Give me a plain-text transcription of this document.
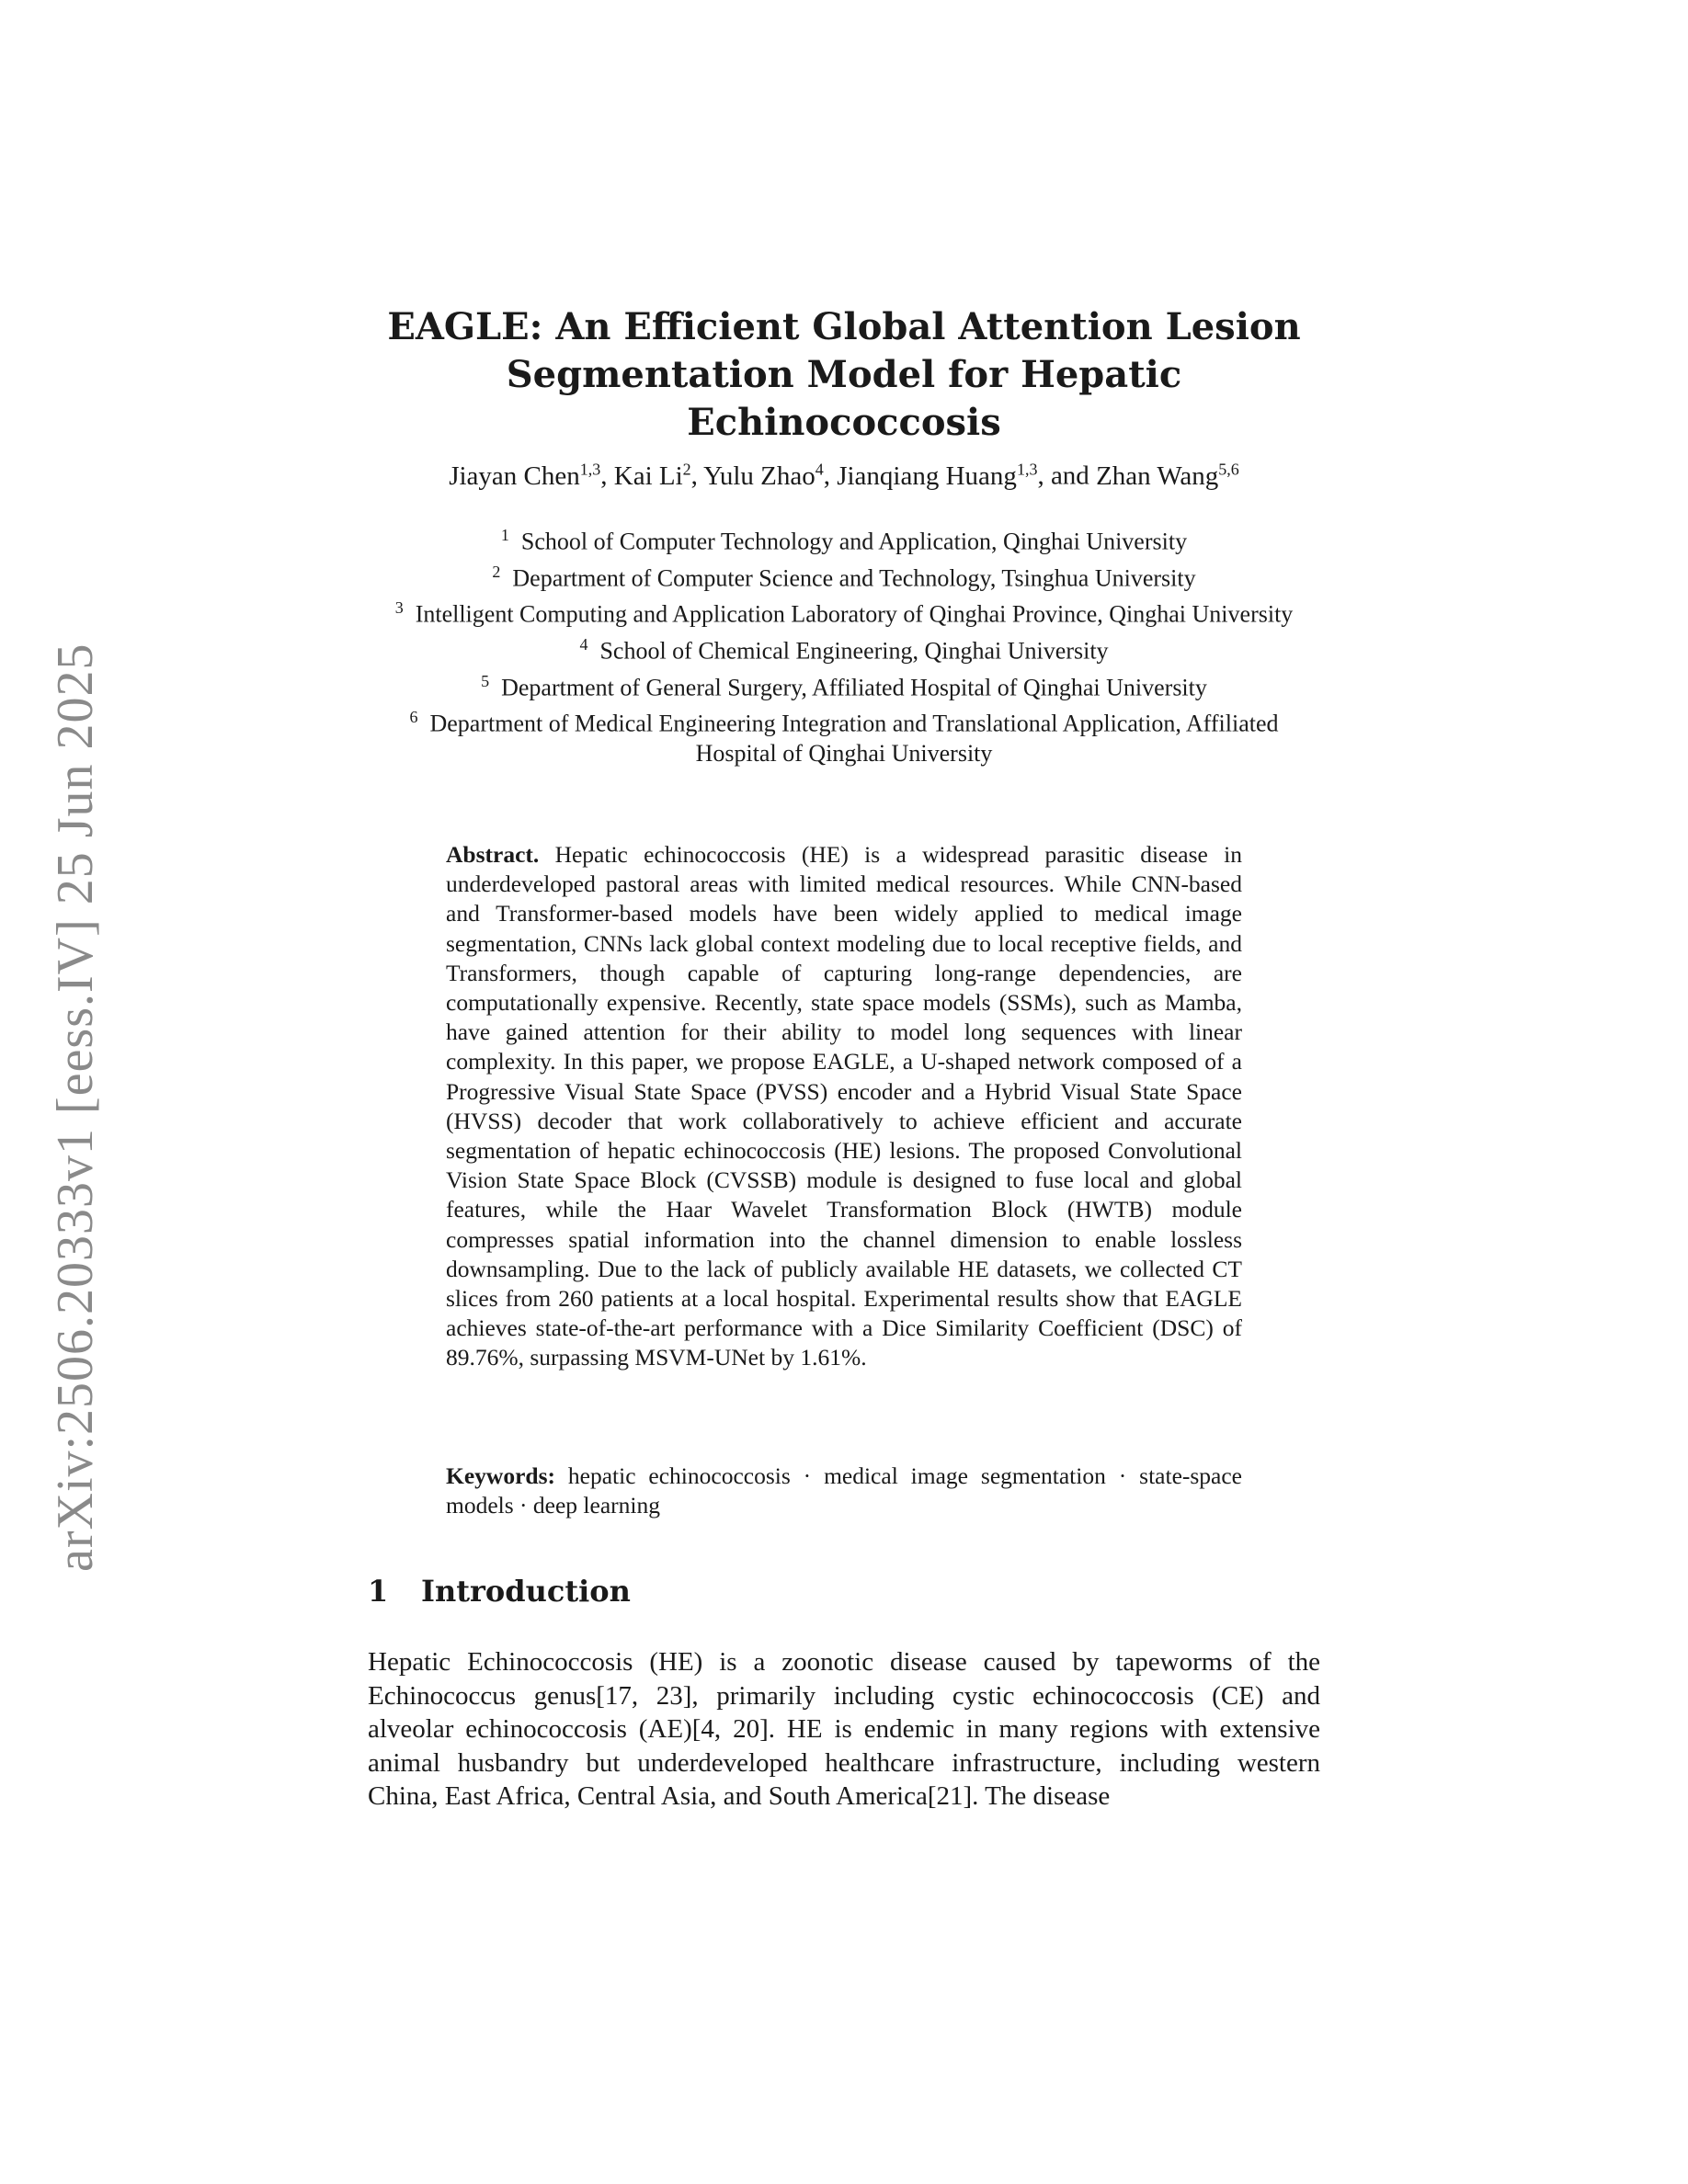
arXiv:2506.20333v1 [eess.IV] 25 Jun 2025
EAGLE: An Efficient Global Attention Lesion
Segmentation Model for Hepatic Echinococcosis
Jiayan Chen$^{1,3}$, Kai Li$^2$, Yulu Zhao$^4$, Jianqiang Huang$^{1,3}$, and Zhan Wang$^{5,6}$
$^1$ School of Computer Technology and Application, Qinghai University
$^2$ Department of Computer Science and Technology, Tsinghua University
$^3$ Intelligent Computing and Application Laboratory of Qinghai Province, Qinghai University
$^4$ School of Chemical Engineering, Qinghai University
$^5$ Department of General Surgery, Affiliated Hospital of Qinghai University
$^6$ Department of Medical Engineering Integration and Translational Application, Affiliated Hospital of Qinghai University
Abstract. Hepatic echinococcosis (HE) is a widespread parasitic disease in underdeveloped pastoral areas with limited medical resources. While CNN-based and Transformer-based models have been widely applied to medical image segmentation, CNNs lack global context modeling due to local receptive fields, and Transformers, though capable of capturing long-range dependencies, are computationally expensive. Recently, state space models (SSMs), such as Mamba, have gained attention for their ability to model long sequences with linear complexity. In this paper, we propose EAGLE, a U-shaped network composed of a Progressive Visual State Space (PVSS) encoder and a Hybrid Visual State Space (HVSS) decoder that work collaboratively to achieve efficient and accurate segmentation of hepatic echinococcosis (HE) lesions. The proposed Convolutional Vision State Space Block (CVSSB) module is designed to fuse local and global features, while the Haar Wavelet Transformation Block (HWTB) module compresses spatial information into the channel dimension to enable lossless downsampling. Due to the lack of publicly available HE datasets, we collected CT slices from 260 patients at a local hospital. Experimental results show that EAGLE achieves state-of-the-art performance with a Dice Similarity Coefficient (DSC) of 89.76%, surpassing MSVM-UNet by 1.61%.
Keywords: hepatic echinococcosis · medical image segmentation · state-space models · deep learning
1 Introduction
Hepatic Echinococcosis (HE) is a zoonotic disease caused by tapeworms of the Echinococcus genus[17, 23], primarily including cystic echinococcosis (CE) and alveolar echinococcosis (AE)[4, 20]. HE is endemic in many regions with extensive animal husbandry but underdeveloped healthcare infrastructure, including western China, East Africa, Central Asia, and South America[21]. The disease
